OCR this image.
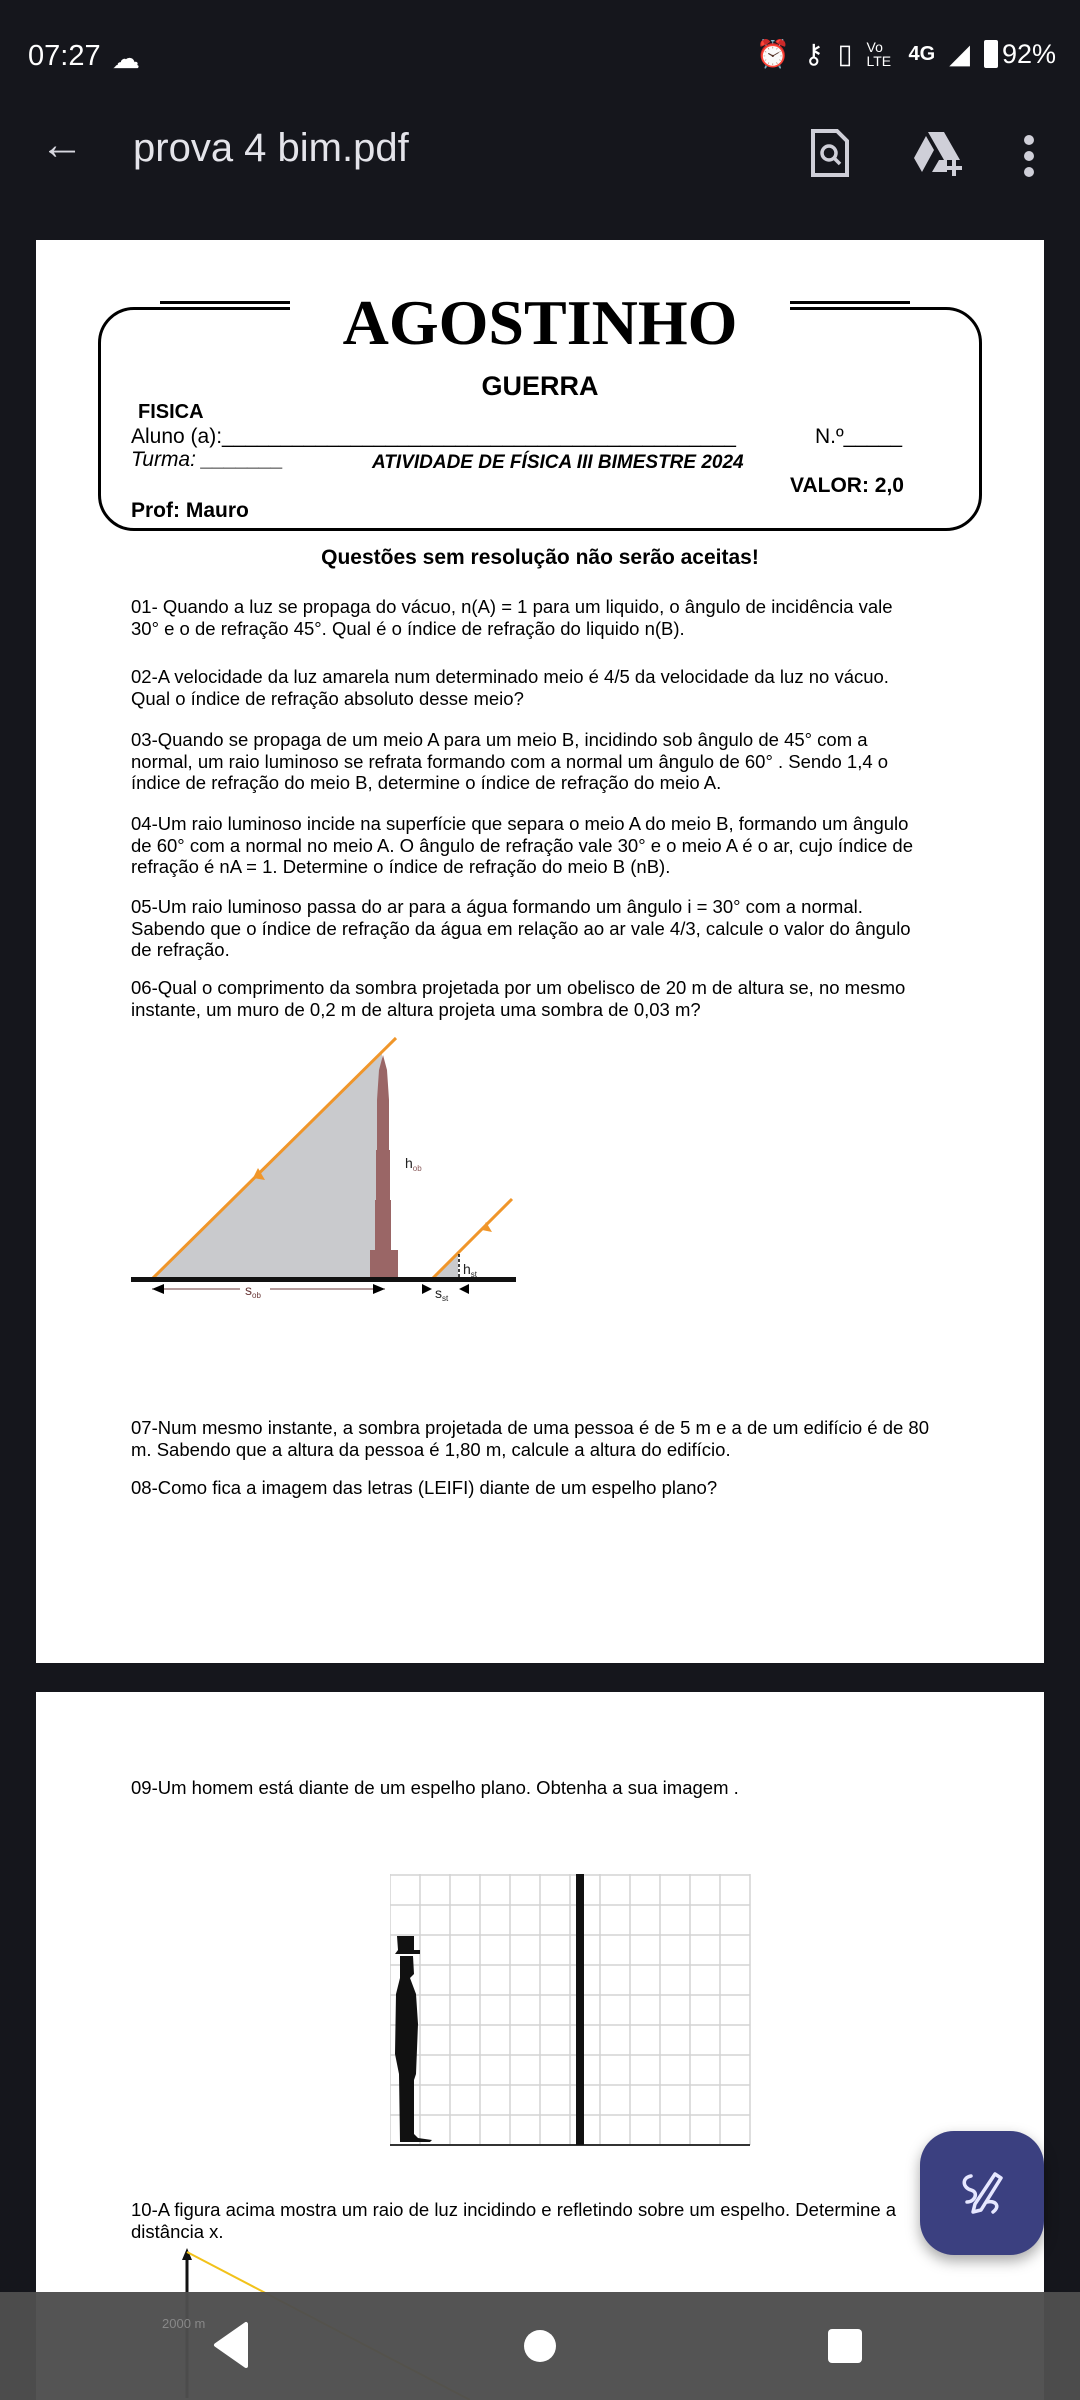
07:27 ☁	⏰ ⚷ ▯ Vo LTE 4G ◢ 92%
← prova 4 bim.pdf
AGOSTINHO
GUERRA
FISICA
Aluno (a):____________________________________________	N.º_____
Turma: _______	ATIVIDADE DE FÍSICA III BIMESTRE 2024
VALOR: 2,0
Prof: Mauro
Questões sem resolução não serão aceitas!
01- Quando a luz se propaga do vácuo, n(A) = 1 para um liquido, o ângulo de incidência vale
30° e o de refração 45°. Qual é o índice de refração do liquido n(B).
02-A velocidade da luz amarela num determinado meio é 4/5 da velocidade da luz no vácuo.
Qual o índice de refração absoluto desse meio?
03-Quando se propaga de um meio A para um meio B, incidindo sob ângulo de 45° com a
normal, um raio luminoso se refrata formando com a normal um ângulo de 60° . Sendo 1,4 o
índice de refração do meio B, determine o índice de refração do meio A.
04-Um raio luminoso incide na superfície que separa o meio A do meio B, formando um ângulo
de 60° com a normal no meio A. O ângulo de refração vale 30° e o meio A é o ar, cujo índice de
refração é nA = 1. Determine o índice de refração do meio B (nB).
05-Um raio luminoso passa do ar para a água formando um ângulo i = 30° com a normal.
Sabendo que o índice de refração da água em relação ao ar vale 4/3, calcule o valor do ângulo
de refração.
06-Qual o comprimento da sombra projetada por um obelisco de 20 m de altura se, no mesmo
instante, um muro de 0,2 m de altura projeta uma sombra de 0,03 m?
$s_{ob}$
$h_{ob}$
$h_{st}$
$s_{st}$
07-Num mesmo instante, a sombra projetada de uma pessoa é de 5 m e a de um edifício é de 80
m. Sabendo que a altura da pessoa é 1,80 m, calcule a altura do edifício.
08-Como fica a imagem das letras (LEIFI) diante de um espelho plano?
09-Um homem está diante de um espelho plano. Obtenha a sua imagem .
10-A figura acima mostra um raio de luz incidindo e refletindo sobre um espelho. Determine a
distância x.
2000 m
